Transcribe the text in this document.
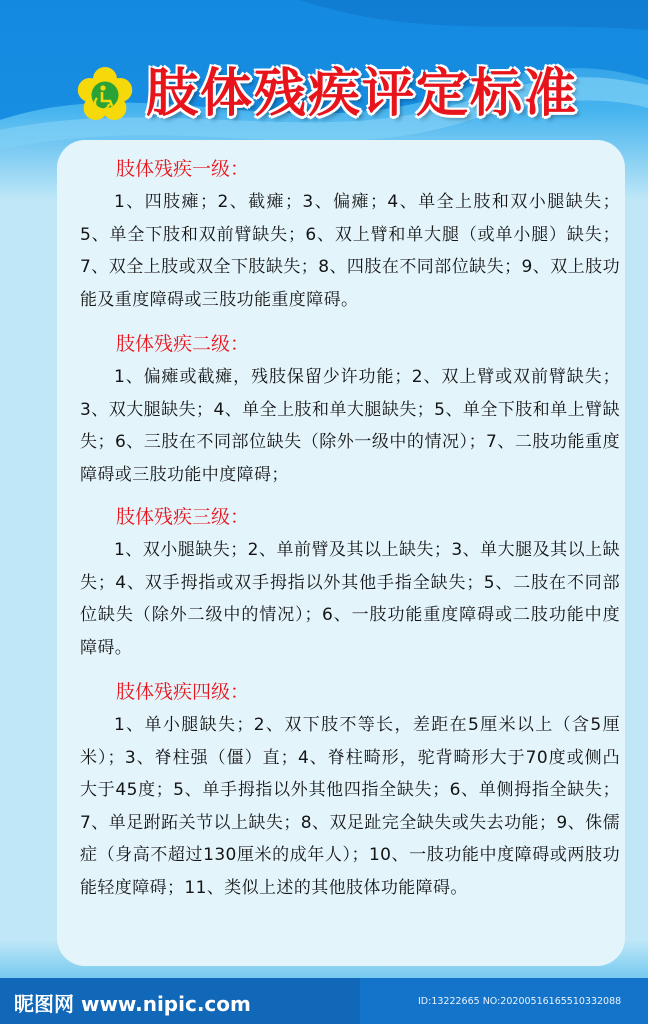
肢体残疾评定标准
肢体残疾一级：

1、四肢瘫；2、截瘫；3、偏瘫；4、单全上肢和双小腿缺失；5、单全下肢和双前臂缺失；6、双上臂和单大腿（或单小腿）缺失；7、双全上肢或双全下肢缺失；8、四肢在不同部位缺失；9、双上肢功能及重度障碍或三肢功能重度障碍。

肢体残疾二级：

1、偏瘫或截瘫，残肢保留少许功能；2、双上臂或双前臂缺失；3、双大腿缺失；4、单全上肢和单大腿缺失；5、单全下肢和单上臂缺失；6、三肢在不同部位缺失（除外一级中的情况）；7、二肢功能重度障碍或三肢功能中度障碍；

肢体残疾三级：

1、双小腿缺失；2、单前臂及其以上缺失；3、单大腿及其以上缺失；4、双手拇指或双手拇指以外其他手指全缺失；5、二肢在不同部位缺失（除外二级中的情况）；6、一肢功能重度障碍或二肢功能中度障碍。

肢体残疾四级：

1、单小腿缺失；2、双下肢不等长，差距在5厘米以上（含5厘米）；3、脊柱强（僵）直；4、脊柱畸形，驼背畸形大于70度或侧凸大于45度；5、单手拇指以外其他四指全缺失；6、单侧拇指全缺失；7、单足跗跖关节以上缺失；8、双足趾完全缺失或失去功能；9、侏儒症（身高不超过130厘米的成年人）；10、一肢功能中度障碍或两肢功能轻度障碍；11、类似上述的其他肢体功能障碍。

昵图网 www.nipic.com	ID:13222665 NO:20200516165510332088
